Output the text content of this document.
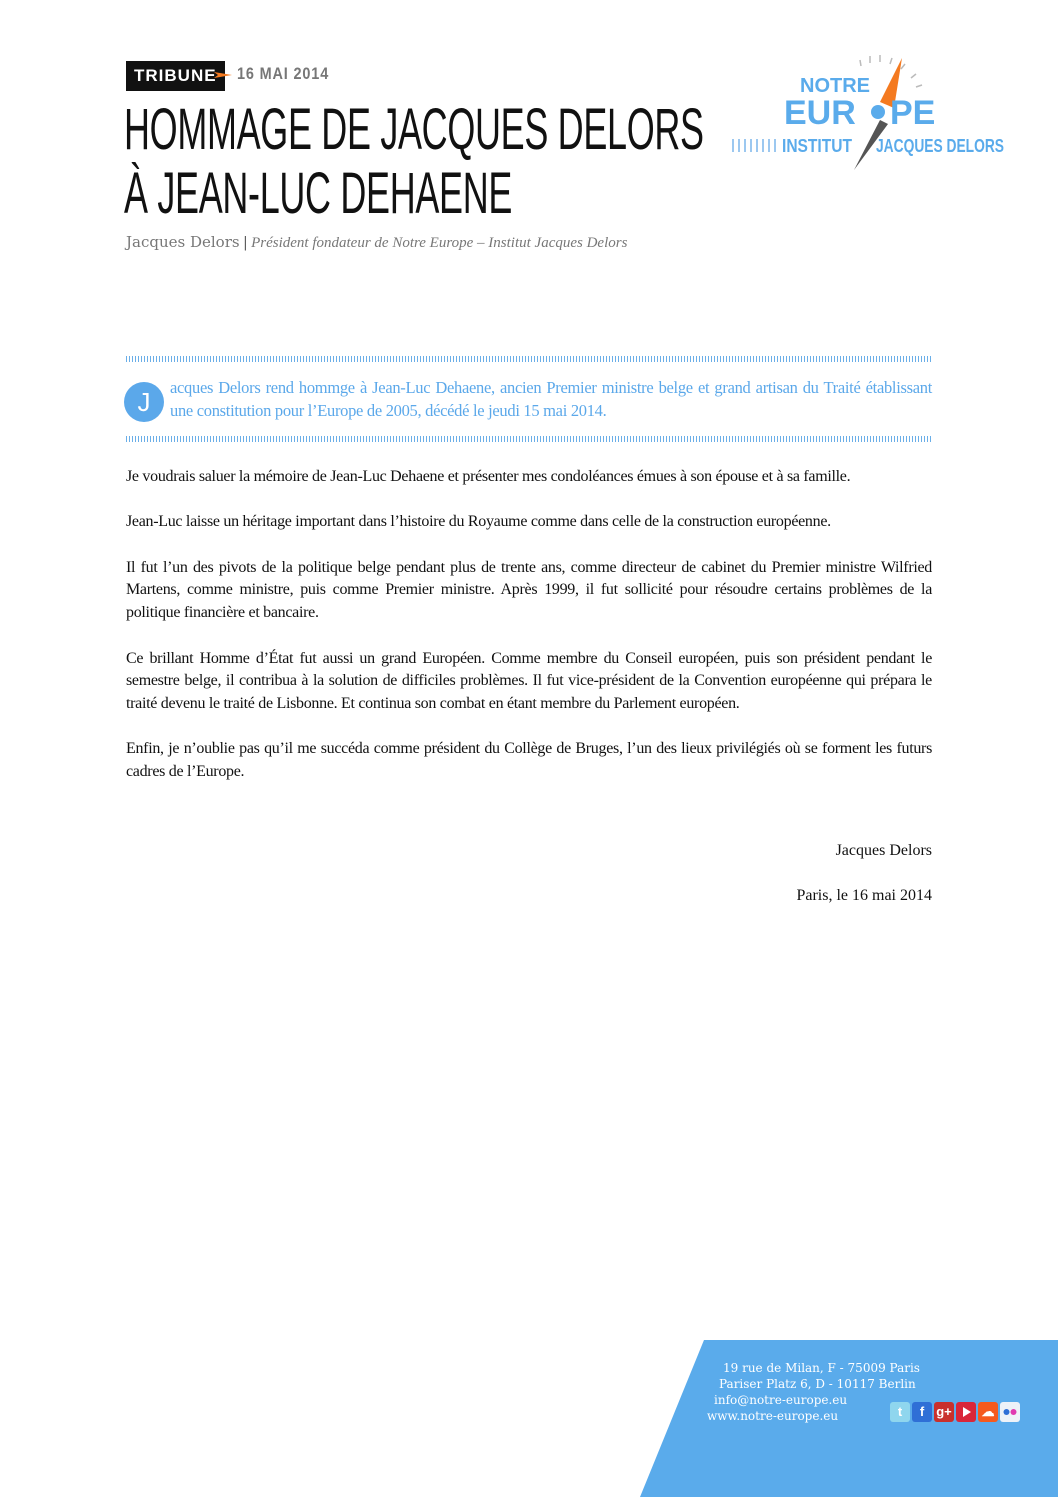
TRIBUNE	16 MAI 2014
HOMMAGE DE JACQUES DELORS
À JEAN-LUC DEHAENE
Jacques Delors | Président fondateur de Notre Europe – Institut Jacques Delors
NOTRE
EUR PE
INSTITUT JACQUES DELORS
J	acques Delors rend hommge à Jean-Luc Dehaene, ancien Premier ministre belge et grand artisan du Traité établissant une constitution pour l’Europe de 2005, décédé le jeudi 15 mai 2014.

Je voudrais saluer la mémoire de Jean-Luc Dehaene et présenter mes condoléances émues à son épouse et à sa famille.

Jean-Luc laisse un héritage important dans l’histoire du Royaume comme dans celle de la construction européenne.

Il fut l’un des pivots de la politique belge pendant plus de trente ans, comme directeur de cabinet du Premier ministre Wilfried Martens, comme ministre, puis comme Premier ministre. Après 1999, il fut sollicité pour résoudre certains problèmes de la politique financière et bancaire.

Ce brillant Homme d’État fut aussi un grand Européen. Comme membre du Conseil européen, puis son président pendant le semestre belge, il contribua à la solution de difficiles problèmes. Il fut vice-président de la Convention européenne qui prépara le traité devenu le traité de Lisbonne. Et continua son combat en étant membre du Parlement européen.

Enfin, je n’oublie pas qu’il me succéda comme président du Collège de Bruges, l’un des lieux privilégiés où se forment les futurs cadres de l’Europe.

Jacques Delors
Paris, le 16 mai 2014
19 rue de Milan, F - 75009 Paris
Pariser Platz 6, D - 10117 Berlin
info@notre-europe.eu
www.notre-europe.eu	t	f g+ ☁
